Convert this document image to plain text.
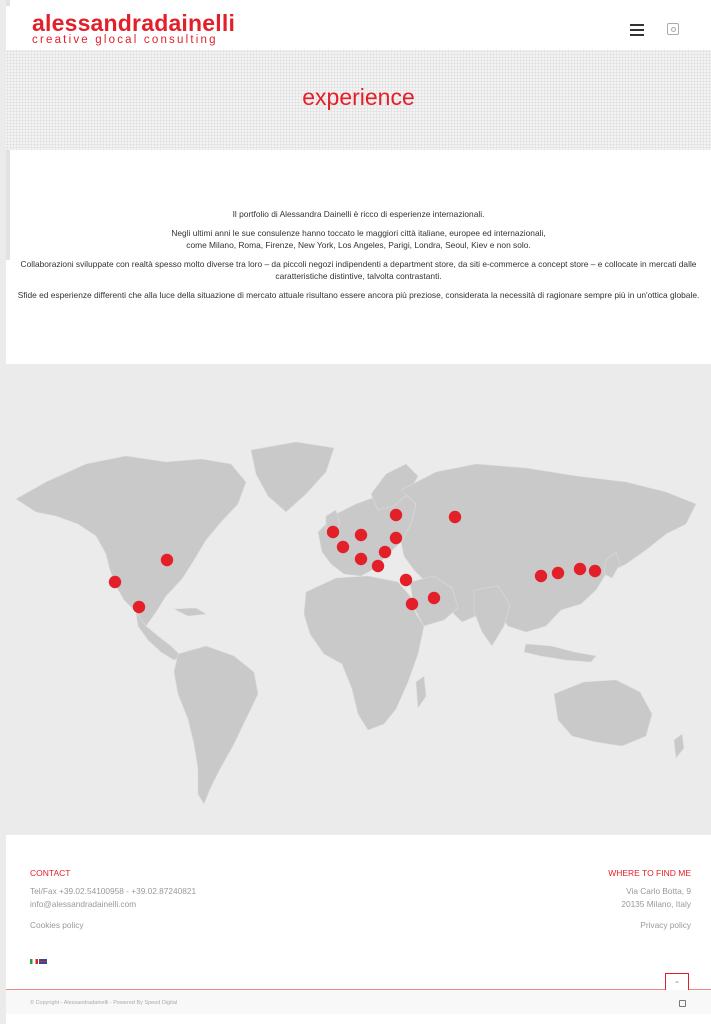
alessandradainelli
creative glocal consulting
experience

Il portfolio di Alessandra Dainelli è ricco di esperienze internazionali.

Negli ultimi anni le sue consulenze hanno toccato le maggiori città italiane, europee ed internazionali,
come Milano, Roma, Firenze, New York, Los Angeles, Parigi, Londra, Seoul, Kiev e non solo.

Collaborazioni sviluppate con realtà spesso molto diverse tra loro – da piccoli negozi indipendenti a department store, da siti e-commerce a concept store – e collocate in mercati dalle
caratteristiche distintive, talvolta contrastanti.

Sfide ed esperienze differenti che alla luce della situazione di mercato attuale risultano essere ancora più preziose, considerata la necessità di ragionare sempre più in un'ottica globale.

CONTACT
Tel/Fax +39.02.54100958 - +39.02.87240821
info@alessandradainelli.com
Cookies policy
WHERE TO FIND ME
Via Carlo Botta, 9
20135 Milano, Italy
Privacy policy
⌃
© Copyright - Alessandradainelli - Powered By Speed Digital
